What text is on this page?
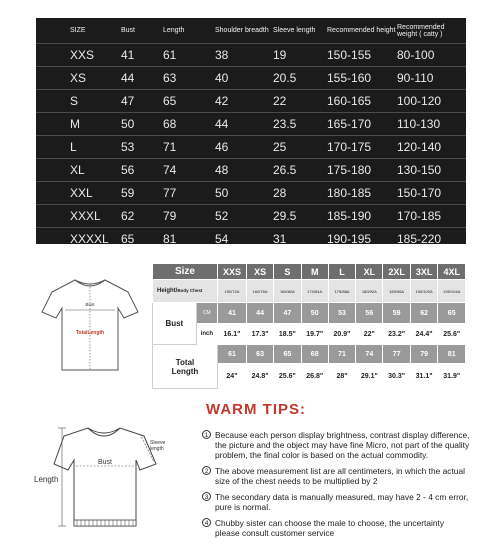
SIZE	Bust	Length	Shoulder breadth	Sleeve length	Recommended height	Recommended weight ( catty )
XXS	41	61	38	19	150-155	80-100
XS	44	63	40	20.5	155-160	90-110
S	47	65	42	22	160-165	100-120
M	50	68	44	23.5	165-170	110-130
L	53	71	46	25	170-175	120-140
XL	56	74	48	26.5	175-180	130-150
XXL	59	77	50	28	180-185	150-170
XXXL	62	79	52	29.5	185-190	170-185
XXXXL	65	81	54	31	190-195	185-220
Bust
TotalLength
Size		XXS	XS	S	M	L	XL	2XL	3XL	4XL
Height/Body Chest		150/72A	160/76A	165/80A	170/84A	175/88A	180/92A	185/96A	190/100A	195/104A
Bust	CM	41	44	47	50	53	56	59	62	65
	inch	16.1"	17.3"	18.5"	19.7"	20.9"	22"	23.2"	24.4"	25.6"

Total
Length		61	63	65	68	71	74	77	79	81
		24"	24.8"	25.6"	26.8"	28"	29.1"	30.3"	31.1"	31.9"
Bust
Length
Sleeve
length
WARM TIPS:
1 Because each person display brightness, contrast display difference, the picture and the object may have fine Micro, not part of the quality problem, the final color is based on the actual commodity.
2 The above measurement list are all centimeters, in which the actual size of the chest needs to be multiplied by 2
3 The secondary data is manually measured, may have 2 - 4 cm error, pure is normal.
4 Chubby sister can choose the male to choose, the uncertainty please consult customer service
